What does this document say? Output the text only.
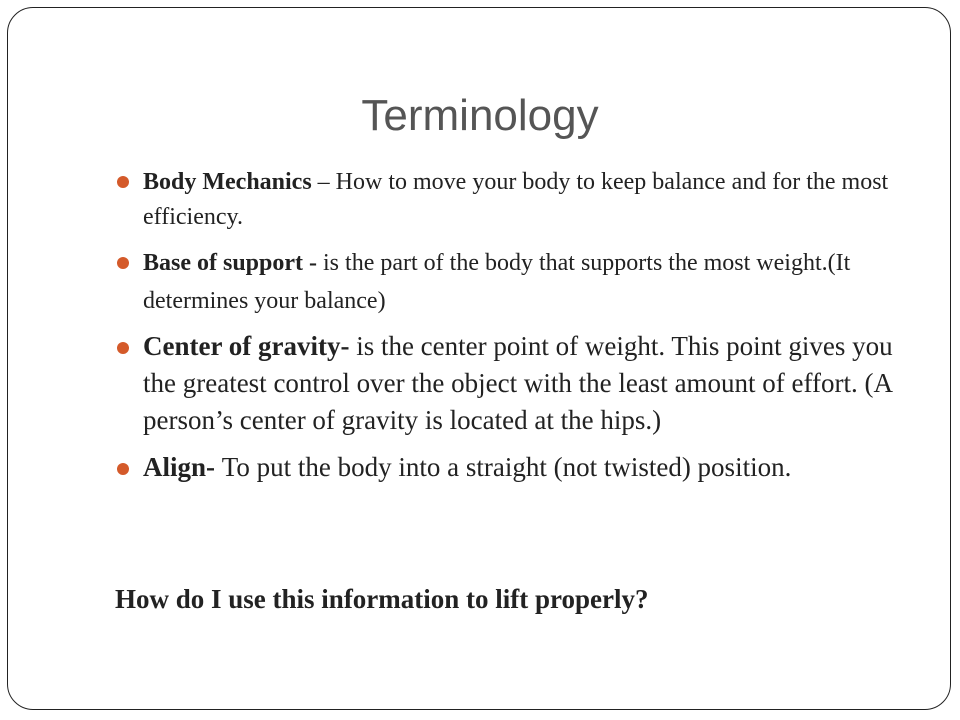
Terminology
Body Mechanics – How to move your body to keep balance and for the most efficiency.
Base of support - is the part of the body that supports the most weight.(It determines your balance)
Center of gravity- is the center point of weight. This point gives you the greatest control over the object with the least amount of effort. (A person’s center of gravity is located at the hips.)
Align- To put the body into a straight (not twisted) position.
How do I use this information to lift properly?
